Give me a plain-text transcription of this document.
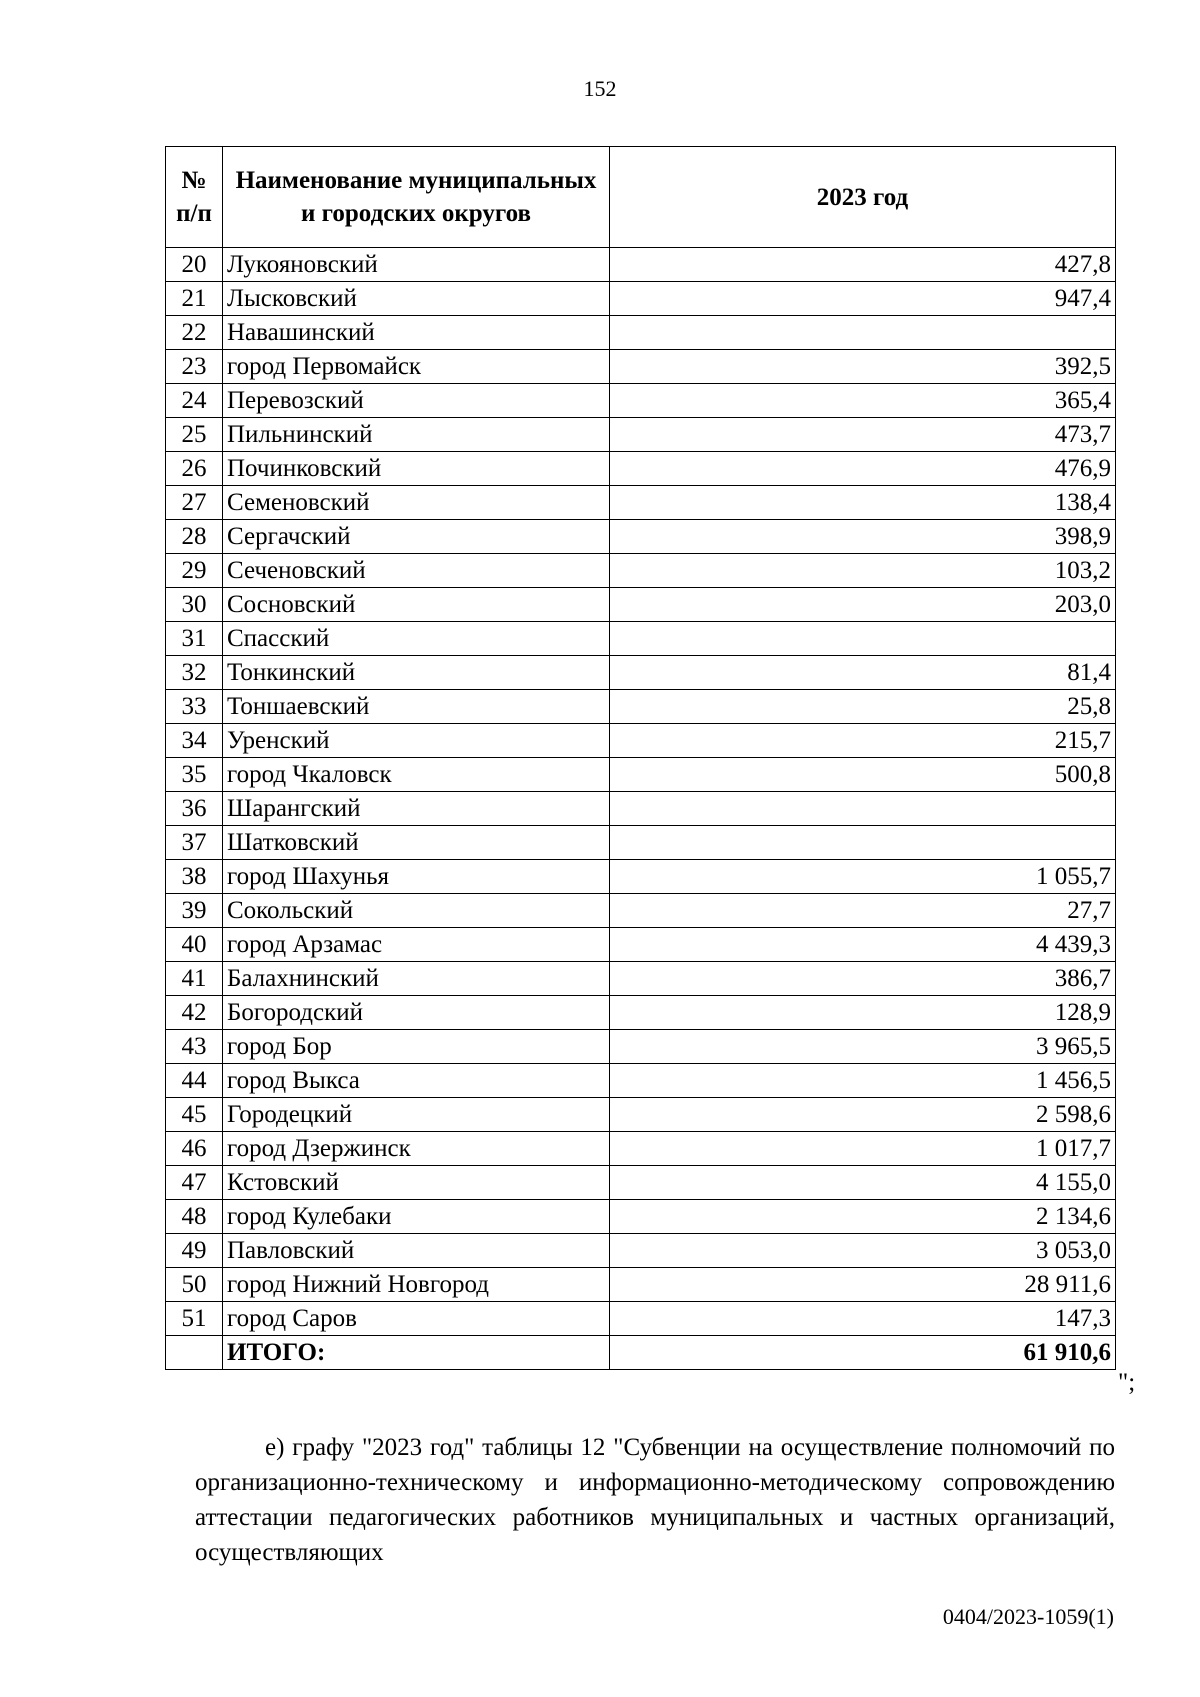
152
№ п/п	Наименование муниципальных и городских округов	2023 год
20	Лукояновский	427,8
21	Лысковский	947,4
22	Навашинский	
23	город Первомайск	392,5
24	Перевозский	365,4
25	Пильнинский	473,7
26	Починковский	476,9
27	Семеновский	138,4
28	Сергачский	398,9
29	Сеченовский	103,2
30	Сосновский	203,0
31	Спасский	
32	Тонкинский	81,4
33	Тоншаевский	25,8
34	Уренский	215,7
35	город Чкаловск	500,8
36	Шарангский	
37	Шатковский	
38	город Шахунья	1 055,7
39	Сокольский	27,7
40	город Арзамас	4 439,3
41	Балахнинский	386,7
42	Богородский	128,9
43	город Бор	3 965,5
44	город Выкса	1 456,5
45	Городецкий	2 598,6
46	город Дзержинск	1 017,7
47	Кстовский	4 155,0
48	город Кулебаки	2 134,6
49	Павловский	3 053,0
50	город Нижний Новгород	28 911,6
51	город Саров	147,3
	ИТОГО:	61 910,6
";
е) графу "2023 год" таблицы 12 "Субвенции на осуществление полномочий по организационно-техническому и информационно-методическому сопровождению аттестации педагогических работников муниципальных и частных организаций, осуществляющих
0404/2023-1059(1)
